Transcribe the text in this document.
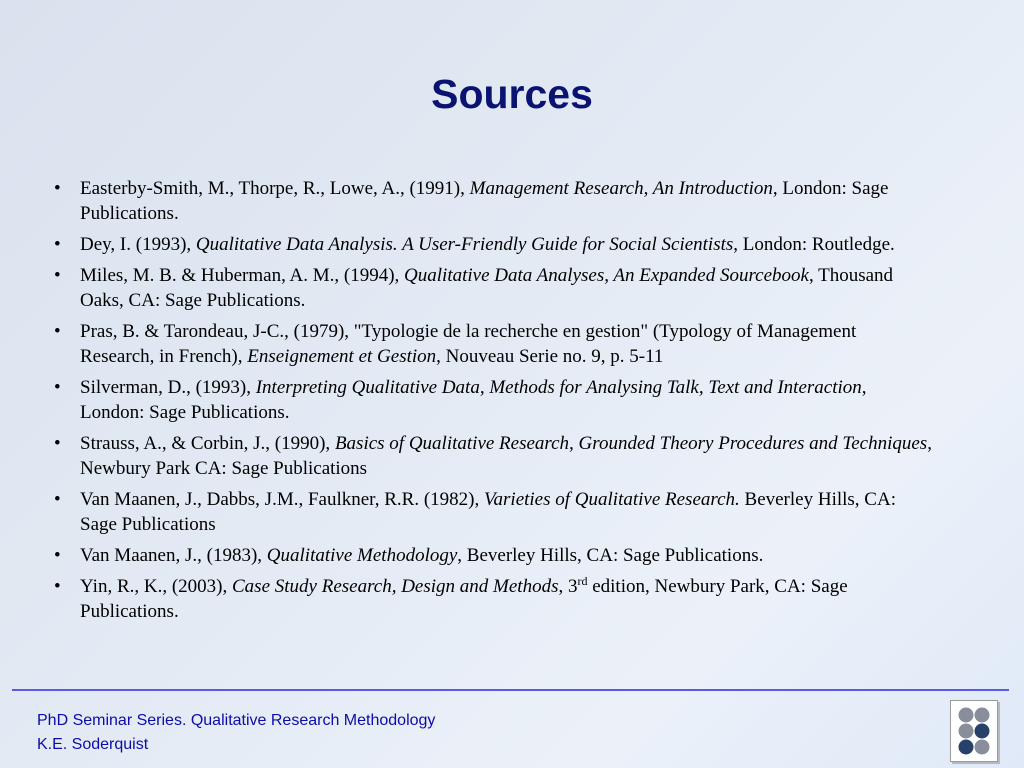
Sources
• Easterby-Smith, M., Thorpe, R., Lowe, A., (1991), Management Research, An Introduction, London: Sage Publications.
• Dey, I. (1993), Qualitative Data Analysis. A User-Friendly Guide for Social Scientists, London: Routledge.
• Miles, M. B. & Huberman, A. M., (1994), Qualitative Data Analyses, An Expanded Sourcebook, Thousand Oaks, CA: Sage Publications.
• Pras, B. & Tarondeau, J-C., (1979), "Typologie de la recherche en gestion" (Typology of Management Research, in French), Enseignement et Gestion, Nouveau Serie no. 9, p. 5-11
• Silverman, D., (1993), Interpreting Qualitative Data, Methods for Analysing Talk, Text and Interaction, London: Sage Publications.
• Strauss, A., & Corbin, J., (1990), Basics of Qualitative Research, Grounded Theory Procedures and Techniques, Newbury Park CA: Sage Publications
• Van Maanen, J., Dabbs, J.M., Faulkner, R.R. (1982), Varieties of Qualitative Research. Beverley Hills, CA: Sage Publications
• Van Maanen, J., (1983), Qualitative Methodology, Beverley Hills, CA: Sage Publications.
• Yin, R., K., (2003), Case Study Research, Design and Methods, 3rd edition, Newbury Park, CA: Sage Publications.
PhD Seminar Series. Qualitative Research Methodology
K.E. Soderquist
